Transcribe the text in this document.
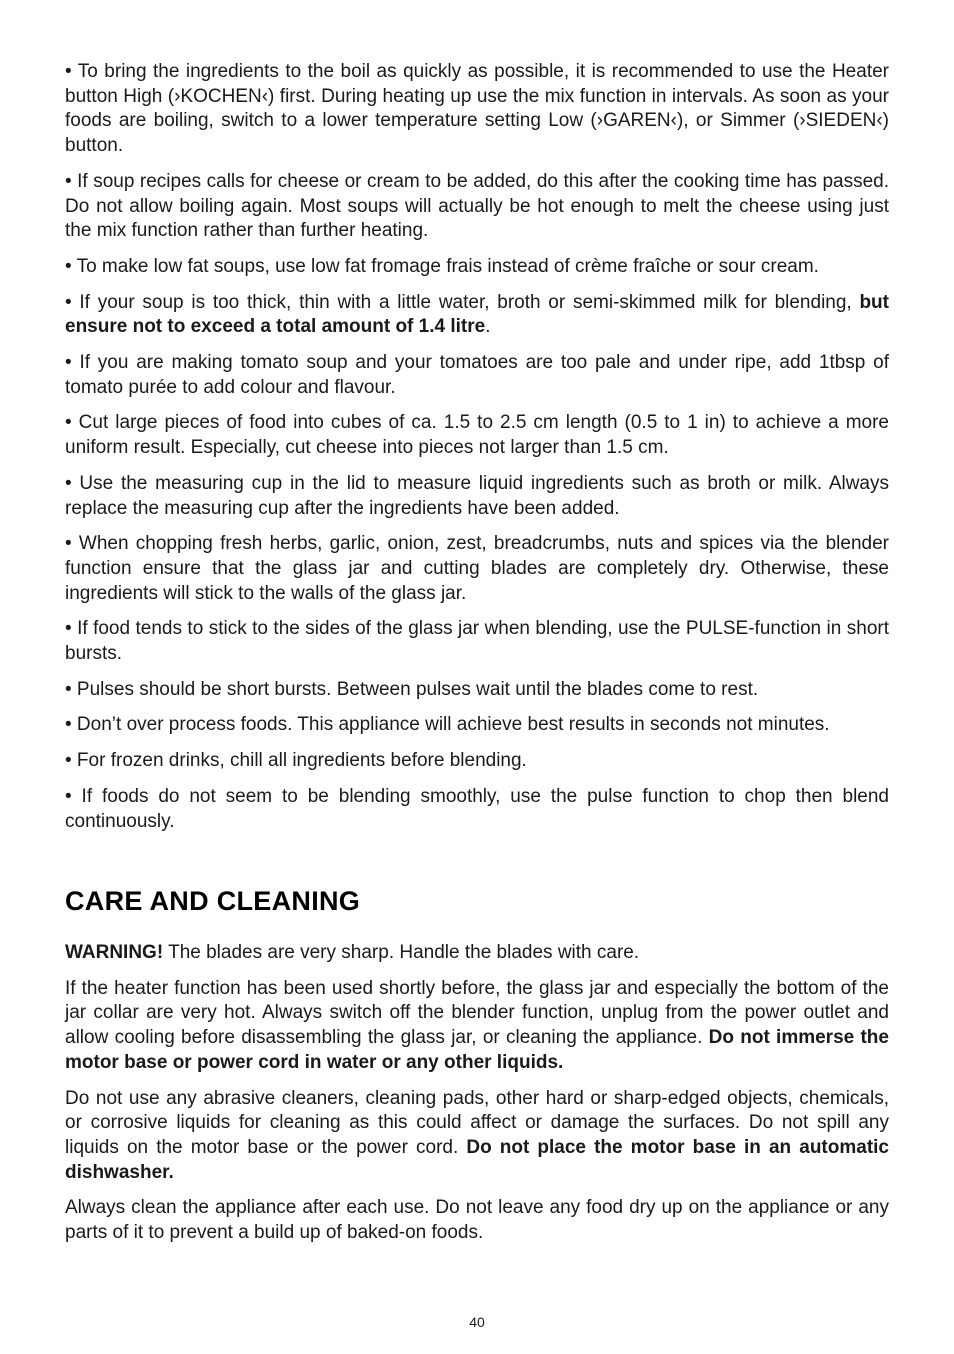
• To bring the ingredients to the boil as quickly as possible, it is recommended to use the Heater button High (›KOCHEN‹) first. During heating up use the mix function in intervals. As soon as your foods are boiling, switch to a lower temperature setting Low (›GAREN‹), or Simmer (›SIEDEN‹) button.

• If soup recipes calls for cheese or cream to be added, do this after the cooking time has passed. Do not allow boiling again. Most soups will actually be hot enough to melt the cheese using just the mix function rather than further heating.

• To make low fat soups, use low fat fromage frais instead of crème fraîche or sour cream.

• If your soup is too thick, thin with a little water, broth or semi-skimmed milk for blending, but ensure not to exceed a total amount of 1.4 litre.

• If you are making tomato soup and your tomatoes are too pale and under ripe, add 1tbsp of tomato purée to add colour and flavour.

• Cut large pieces of food into cubes of ca. 1.5 to 2.5 cm length (0.5 to 1 in) to achieve a more uniform result. Especially, cut cheese into pieces not larger than 1.5 cm.

• Use the measuring cup in the lid to measure liquid ingredients such as broth or milk. Always replace the measuring cup after the ingredients have been added.

• When chopping fresh herbs, garlic, onion, zest, breadcrumbs, nuts and spices via the blender function ensure that the glass jar and cutting blades are completely dry. Otherwise, these ingredients will stick to the walls of the glass jar.

• If food tends to stick to the sides of the glass jar when blending, use the PULSE-function in short bursts.

• Pulses should be short bursts. Between pulses wait until the blades come to rest.

• Don’t over process foods. This appliance will achieve best results in seconds not minutes.

• For frozen drinks, chill all ingredients before blending.

• If foods do not seem to be blending smoothly, use the pulse function to chop then blend continuously.

CARE AND CLEANING

WARNING! The blades are very sharp. Handle the blades with care.

If the heater function has been used shortly before, the glass jar and especially the bottom of the jar collar are very hot. Always switch off the blender function, unplug from the power outlet and allow cooling before disassembling the glass jar, or cleaning the appliance. Do not immerse the motor base or power cord in water or any other liquids.

Do not use any abrasive cleaners, cleaning pads, other hard or sharp-edged objects, chemicals, or corrosive liquids for cleaning as this could affect or damage the surfaces. Do not spill any liquids on the motor base or the power cord. Do not place the motor base in an automatic dishwasher.

Always clean the appliance after each use. Do not leave any food dry up on the appliance or any parts of it to prevent a build up of baked-on foods.

40
